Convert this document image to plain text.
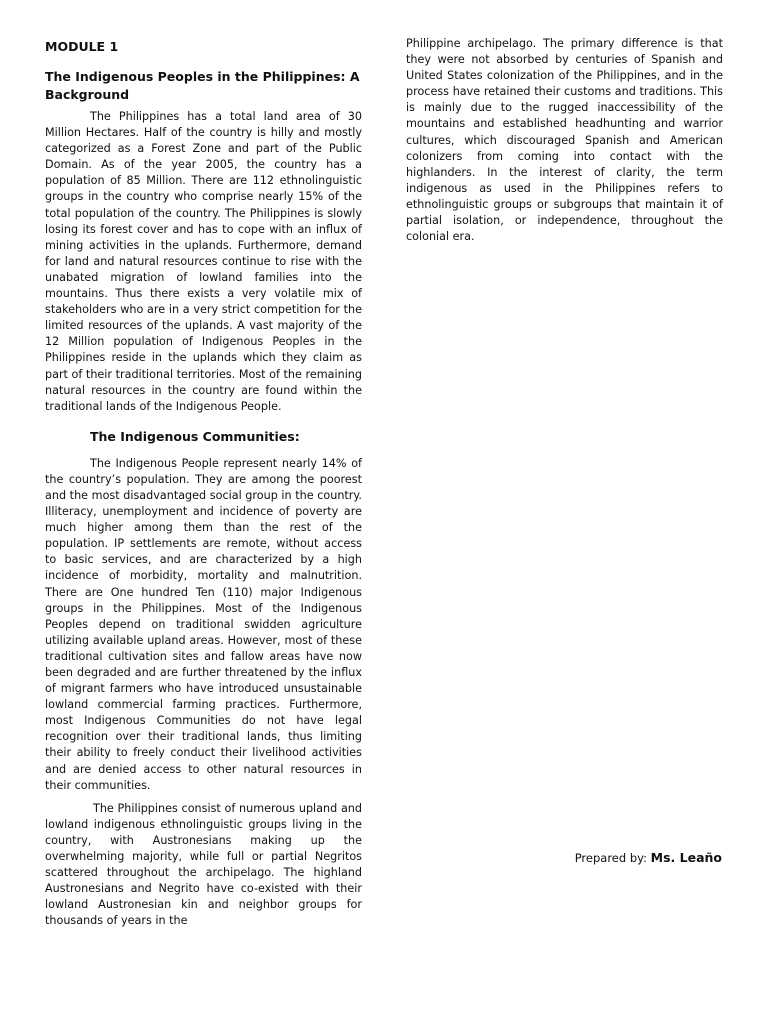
MODULE 1
The Indigenous Peoples in the Philippines: A Background

The Philippines has a total land area of 30 Million Hectares. Half of the country is hilly and mostly categorized as a Forest Zone and part of the Public Domain. As of the year 2005, the country has a population of 85 Million. There are 112 ethnolinguistic groups in the country who comprise nearly 15% of the total population of the country. The Philippines is slowly losing its forest cover and has to cope with an influx of mining activities in the uplands. Furthermore, demand for land and natural resources continue to rise with the unabated migration of lowland families into the mountains. Thus there exists a very volatile mix of stakeholders who are in a very strict competition for the limited resources of the uplands. A vast majority of the 12 Million population of Indigenous Peoples in the Philippines reside in the uplands which they claim as part of their traditional territories. Most of the remaining natural resources in the country are found within the traditional lands of the Indigenous People.

The Indigenous Communities:

The Indigenous People represent nearly 14% of the country’s population. They are among the poorest and the most disadvantaged social group in the country. Illiteracy, unemployment and incidence of poverty are much higher among them than the rest of the population. IP settlements are remote, without access to basic services, and are characterized by a high incidence of morbidity, mortality and malnutrition. There are One hundred Ten (110) major Indigenous groups in the Philippines. Most of the Indigenous Peoples depend on traditional swidden agriculture utilizing available upland areas. However, most of these traditional cultivation sites and fallow areas have now been degraded and are further threatened by the influx of migrant farmers who have introduced unsustainable lowland commercial farming practices. Furthermore, most Indigenous Communities do not have legal recognition over their traditional lands, thus limiting their ability to freely conduct their livelihood activities and are denied access to other natural resources in their communities.

The Philippines consist of numerous upland and lowland indigenous ethnolinguistic groups living in the country, with Austronesians making up the overwhelming majority, while full or partial Negritos scattered throughout the archipelago. The highland Austronesians and Negrito have co-existed with their lowland Austronesian kin and neighbor groups for thousands of years in the

Philippine archipelago. The primary difference is that they were not absorbed by centuries of Spanish and United States colonization of the Philippines, and in the process have retained their customs and traditions. This is mainly due to the rugged inaccessibility of the mountains and established headhunting and warrior cultures, which discouraged Spanish and American colonizers from coming into contact with the highlanders. In the interest of clarity, the term indigenous as used in the Philippines refers to ethnolinguistic groups or subgroups that maintain it of partial isolation, or independence, throughout the colonial era.

Prepared by: Ms. Leaño
